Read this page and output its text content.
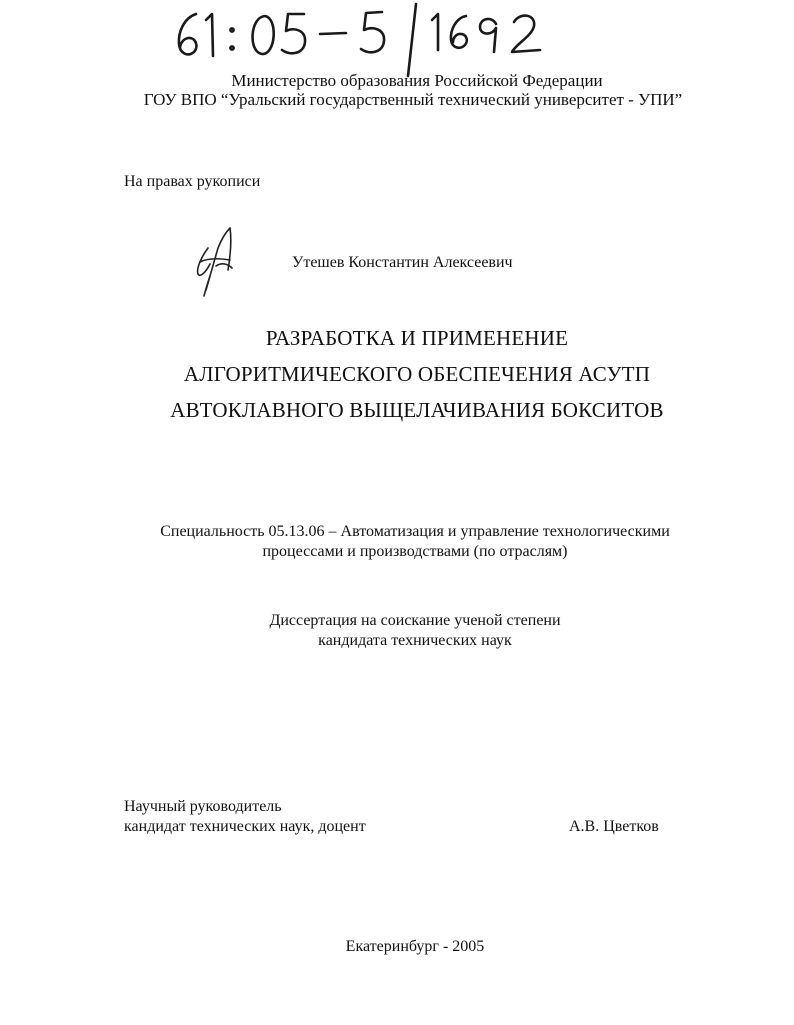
61:05-5/1692
Министерство образования Российской Федерации
ГОУ ВПО “Уральский государственный технический университет - УПИ”
На правах рукописи
Утешев Константин Алексеевич
РАЗРАБОТКА И ПРИМЕНЕНИЕ
АЛГОРИТМИЧЕСКОГО ОБЕСПЕЧЕНИЯ АСУТП
АВТОКЛАВНОГО ВЫЩЕЛАЧИВАНИЯ БОКСИТОВ
Специальность 05.13.06 – Автоматизация и управление технологическими
процессами и производствами (по отраслям)
Диссертация на соискание ученой степени
кандидата технических наук
Научный руководитель
кандидат технических наук, доцент	А.В. Цветков
Екатеринбург - 2005
